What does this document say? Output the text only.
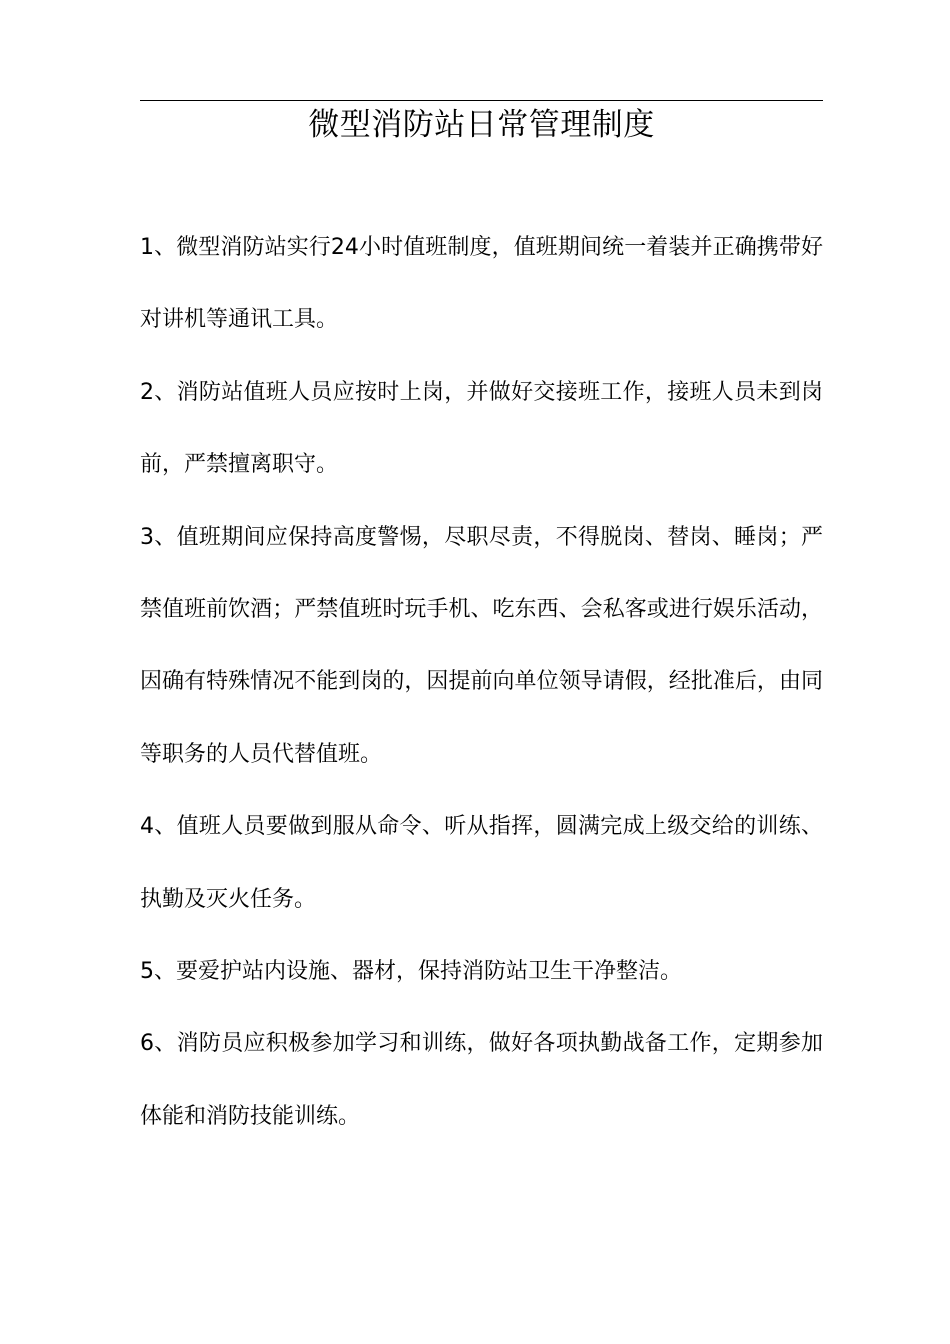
微型消防站日常管理制度

1、微型消防站实行24小时值班制度，值班期间统一着装并正确携带好对讲机等通讯工具。

2、消防站值班人员应按时上岗，并做好交接班工作，接班人员未到岗前，严禁擅离职守。

3、值班期间应保持高度警惕，尽职尽责，不得脱岗、替岗、睡岗；严禁值班前饮酒；严禁值班时玩手机、吃东西、会私客或进行娱乐活动，因确有特殊情况不能到岗的，因提前向单位领导请假，经批准后，由同等职务的人员代替值班。

4、值班人员要做到服从命令、听从指挥，圆满完成上级交给的训练、执勤及灭火任务。

5、要爱护站内设施、器材，保持消防站卫生干净整洁。

6、消防员应积极参加学习和训练，做好各项执勤战备工作，定期参加体能和消防技能训练。
